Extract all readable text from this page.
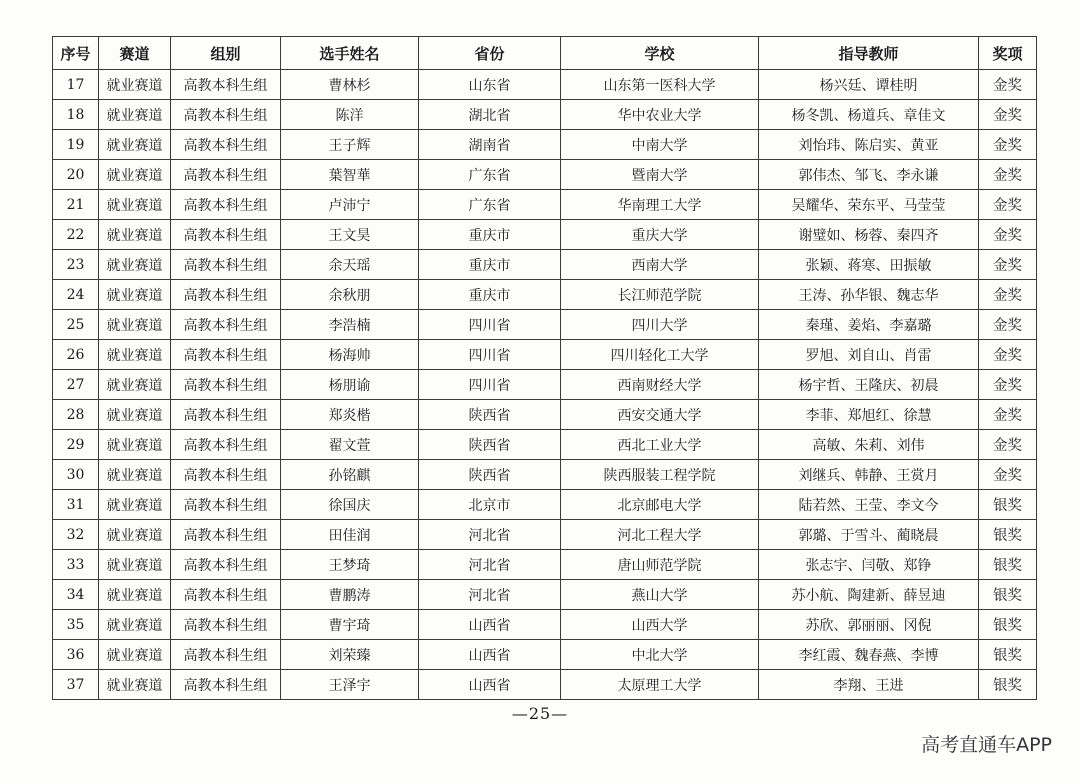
序号	赛道	组别	选手姓名	省份	学校	指导教师	奖项
17	就业赛道	高教本科生组	曹林杉	山东省	山东第一医科大学	杨兴廷、谭桂明	金奖
18	就业赛道	高教本科生组	陈洋	湖北省	华中农业大学	杨冬凯、杨道兵、章佳文	金奖
19	就业赛道	高教本科生组	王子辉	湖南省	中南大学	刘怡玮、陈启实、黄亚	金奖
20	就业赛道	高教本科生组	葉智華	广东省	暨南大学	郭伟杰、邹飞、李永谦	金奖
21	就业赛道	高教本科生组	卢沛宁	广东省	华南理工大学	吴耀华、荣东平、马莹莹	金奖
22	就业赛道	高教本科生组	王文昊	重庆市	重庆大学	谢璧如、杨蓉、秦四齐	金奖
23	就业赛道	高教本科生组	余天瑶	重庆市	西南大学	张颖、蒋寒、田振敏	金奖
24	就业赛道	高教本科生组	余秋朋	重庆市	长江师范学院	王涛、孙华银、魏志华	金奖
25	就业赛道	高教本科生组	李浩楠	四川省	四川大学	秦瑾、姜焰、李嘉璐	金奖
26	就业赛道	高教本科生组	杨海帅	四川省	四川轻化工大学	罗旭、刘自山、肖雷	金奖
27	就业赛道	高教本科生组	杨朋谕	四川省	西南财经大学	杨宇哲、王隆庆、初晨	金奖
28	就业赛道	高教本科生组	郑炎楷	陕西省	西安交通大学	李菲、郑旭红、徐慧	金奖
29	就业赛道	高教本科生组	翟文萱	陕西省	西北工业大学	高敏、朱莉、刘伟	金奖
30	就业赛道	高教本科生组	孙铭麒	陕西省	陕西服装工程学院	刘继兵、韩静、王赏月	金奖
31	就业赛道	高教本科生组	徐国庆	北京市	北京邮电大学	陆若然、王莹、李文今	银奖
32	就业赛道	高教本科生组	田佳润	河北省	河北工程大学	郭璐、于雪斗、蔺晓晨	银奖
33	就业赛道	高教本科生组	王梦琦	河北省	唐山师范学院	张志宇、闫敬、郑铮	银奖
34	就业赛道	高教本科生组	曹鹏涛	河北省	燕山大学	苏小航、陶建新、薛昱迪	银奖
35	就业赛道	高教本科生组	曹宇琦	山西省	山西大学	苏欣、郭丽丽、冈倪	银奖
36	就业赛道	高教本科生组	刘荣臻	山西省	中北大学	李红霞、魏春燕、李博	银奖
37	就业赛道	高教本科生组	王泽宇	山西省	太原理工大学	李翔、王进	银奖
—25—
高考直通车APP
